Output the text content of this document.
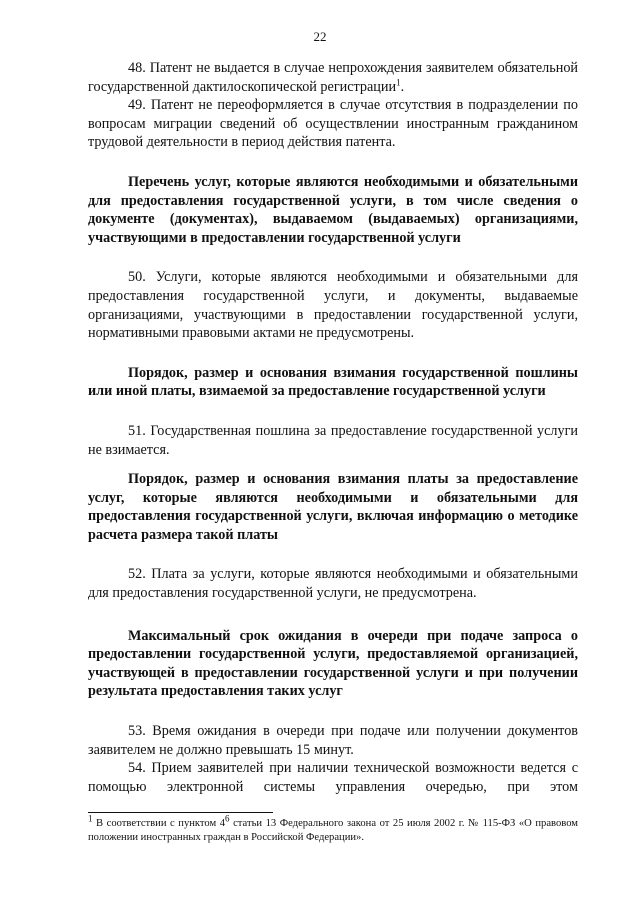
22

48. Патент не выдается в случае непрохождения заявителем обязательной государственной дактилоскопической регистрации$^1$.

49. Патент не переоформляется в случае отсутствия в подразделении по вопросам миграции сведений об осуществлении иностранным гражданином трудовой деятельности в период действия патента.

Перечень услуг, которые являются необходимыми и обязательными для предоставления государственной услуги, в том числе сведения о документе (документах), выдаваемом (выдаваемых) организациями, участвующими в предоставлении государственной услуги

50. Услуги, которые являются необходимыми и обязательными для предоставления государственной услуги, и документы, выдаваемые организациями, участвующими в предоставлении государственной услуги, нормативными правовыми актами не предусмотрены.

Порядок, размер и основания взимания государственной пошлины или иной платы, взимаемой за предоставление государственной услуги

51. Государственная пошлина за предоставление государственной услуги не взимается.

Порядок, размер и основания взимания платы за предоставление услуг, которые являются необходимыми и обязательными для предоставления государственной услуги, включая информацию о методике расчета размера такой платы

52. Плата за услуги, которые являются необходимыми и обязательными для предоставления государственной услуги, не предусмотрена.

Максимальный срок ожидания в очереди при подаче запроса о предоставлении государственной услуги, предоставляемой организацией, участвующей в предоставлении государственной услуги и при получении результата предоставления таких услуг

53. Время ожидания в очереди при подаче или получении документов заявителем не должно превышать 15 минут.

54. Прием заявителей при наличии технической возможности ведется с помощью электронной системы управления очередью, при этом

$^1$ В соответствии с пунктом $4^6$ статьи 13 Федерального закона от 25 июля 2002 г. № 115-ФЗ «О правовом положении иностранных граждан в Российской Федерации».
